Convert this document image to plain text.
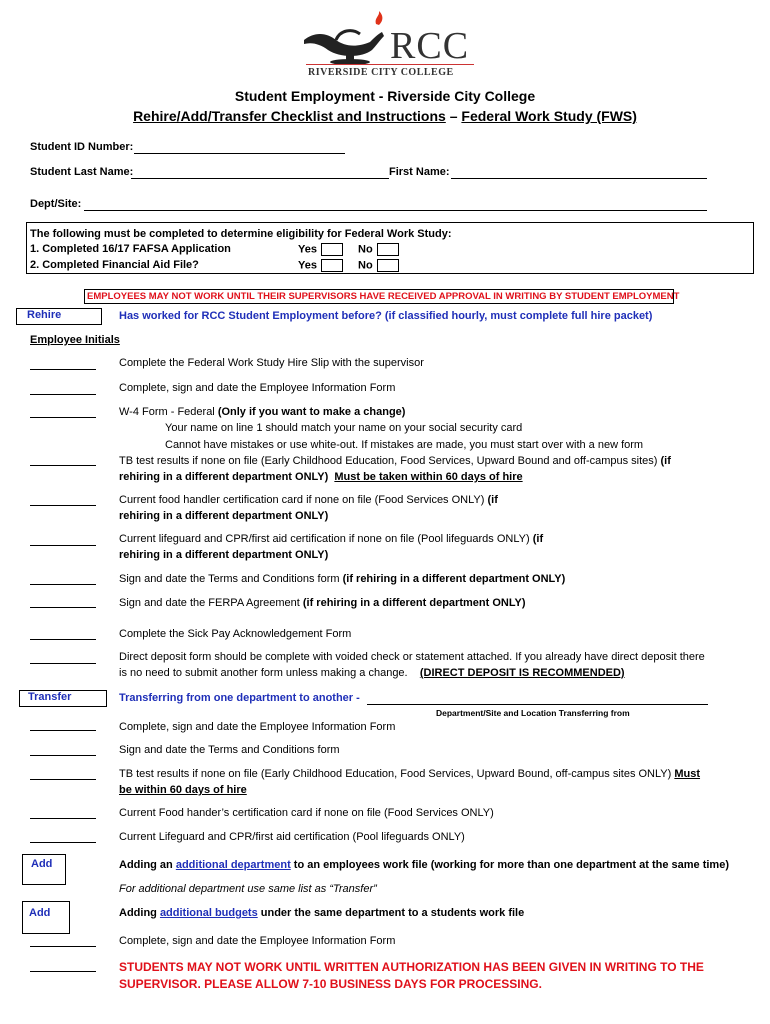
RCC
RIVERSIDE CITY COLLEGE
Student Employment - Riverside City College
Rehire/Add/Transfer Checklist and Instructions – Federal Work Study (FWS)
Student ID Number:
Student Last Name:	First Name:
Dept/Site:
The following must be completed to determine eligibility for Federal Work Study:
1. Completed 16/17 FAFSA Application	Yes	No
2. Completed Financial Aid File?	Yes	No
EMPLOYEES MAY NOT WORK UNTIL THEIR SUPERVISORS HAVE RECEIVED APPROVAL IN WRITING BY STUDENT EMPLOYMENT
Rehire	Has worked for RCC Student Employment before? (if classified hourly, must complete full hire packet)
Employee Initials
Complete the Federal Work Study Hire Slip with the supervisor
Complete, sign and date the Employee Information Form
W-4 Form - Federal (Only if you want to make a change)
Your name on line 1 should match your name on your social security card
Cannot have mistakes or use white-out. If mistakes are made, you must start over with a new form
TB test results if none on file (Early Childhood Education, Food Services, Upward Bound and off-campus sites) (if
rehiring in a different department ONLY) Must be taken within 60 days of hire
Current food handler certification card if none on file (Food Services ONLY) (if
rehiring in a different department ONLY)
Current lifeguard and CPR/first aid certification if none on file (Pool lifeguards ONLY) (if
rehiring in a different department ONLY)
Sign and date the Terms and Conditions form (if rehiring in a different department ONLY)
Sign and date the FERPA Agreement (if rehiring in a different department ONLY)
Complete the Sick Pay Acknowledgement Form
Direct deposit form should be complete with voided check or statement attached. If you already have direct deposit there
is no need to submit another form unless making a change. (DIRECT DEPOSIT IS RECOMMENDED)
Transfer	Transferring from one department to another -
Department/Site and Location Transferring from
Complete, sign and date the Employee Information Form
Sign and date the Terms and Conditions form
TB test results if none on file (Early Childhood Education, Food Services, Upward Bound, off-campus sites ONLY) Must
be within 60 days of hire
Current Food hander’s certification card if none on file (Food Services ONLY)
Current Lifeguard and CPR/first aid certification (Pool lifeguards ONLY)
Add	Adding an additional department to an employees work file (working for more than one department at the same time)
For additional department use same list as “Transfer”
Add	Adding additional budgets under the same department to a students work file
Complete, sign and date the Employee Information Form
STUDENTS MAY NOT WORK UNTIL WRITTEN AUTHORIZATION HAS BEEN GIVEN IN WRITING TO THE
SUPERVISOR. PLEASE ALLOW 7-10 BUSINESS DAYS FOR PROCESSING.
